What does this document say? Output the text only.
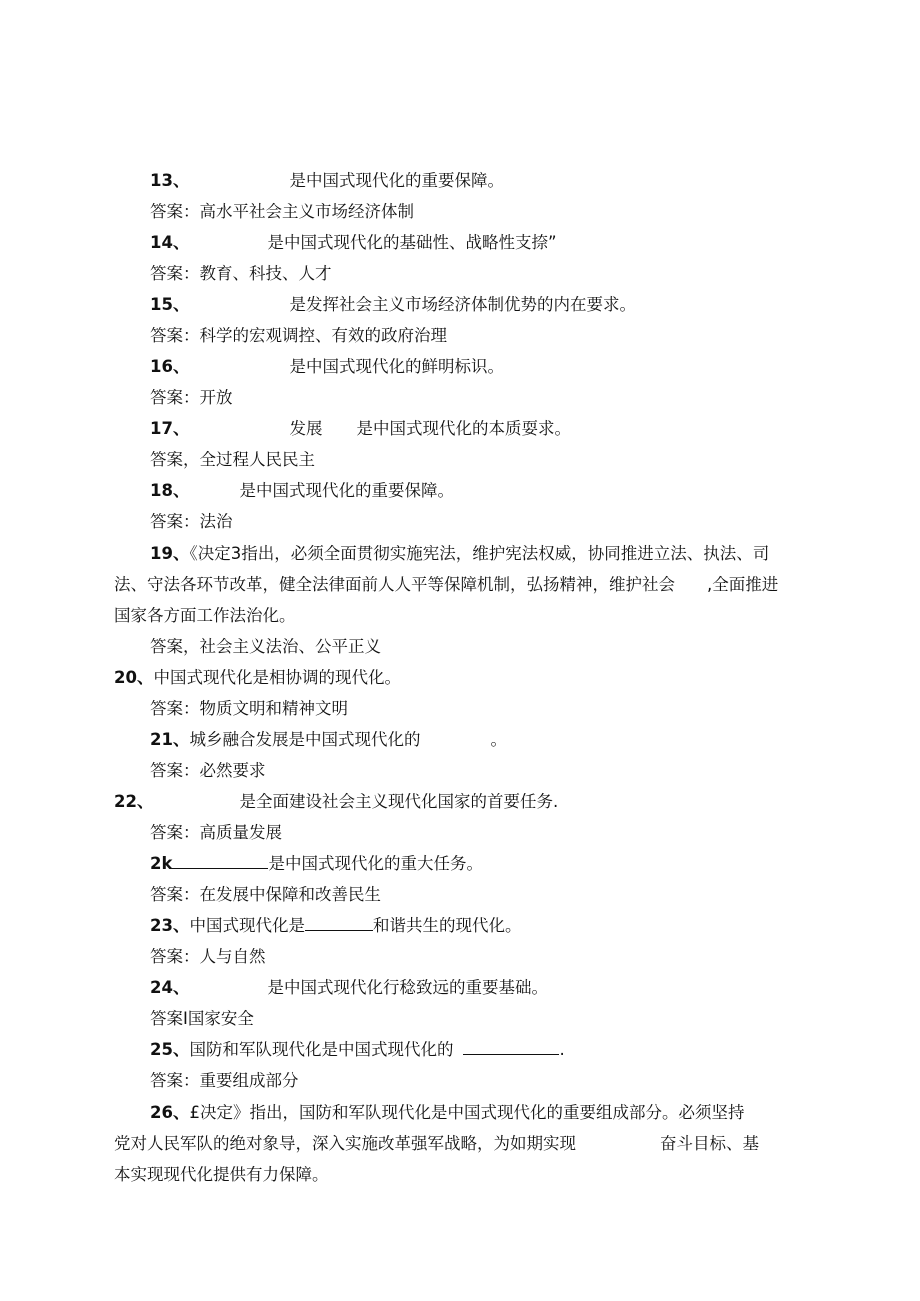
13、	是中国式现代化的重要保障。
答案：高水平社会主义市场经济体制
14、	是中国式现代化的基础性、战略性支捺”
答案：教育、科技、人才
15、	是发挥社会主义市场经济体制优势的内在要求。
答案：科学的宏观调控、有效的政府治理
16、	是中国式现代化的鲜明标识。
答案：开放
17、	发展 是中国式现代化的本质耍求。
答案，全过程人民民主
18、	是中国式现代化的重要保障。
答案：法治
19、《决定3指出，必须全面贯彻实施宪法，维护宪法权威，协同推进立法、执法、司
法、守法各环节改革，健全法律面前人人平等保障机制，弘扬精神，维护社会 ,全面推进
国家各方面工作法治化。
答案，社会主义法治、公平正义
20、中国式现代化是相协调的现代化。
答案：物质文明和精神文明
21、城乡融合发展是中国式现代化的	。
答案：必然要求
22、	是全面建设社会主义现代化国家的首要任务.
答案：高质量发展
2k	是中国式现代化的重大任务。
答案：在发展中保障和改善民生
23、中国式现代化是	和谐共生的现代化。
答案：人与自然
24、	是中国式现代化行稔致远的重要基础。
答案I国家安全
25、国防和军队现代化是中国式现代化的	.
答案：重要组成部分
26、£决定》指出，国防和军队现代化是中国式现代化的重要组成部分。必须坚持
党对人民军队的绝对象导，深入实施改革强军战略，为如期实现	奋斗目标、基
本实现现代化提供有力保障。
